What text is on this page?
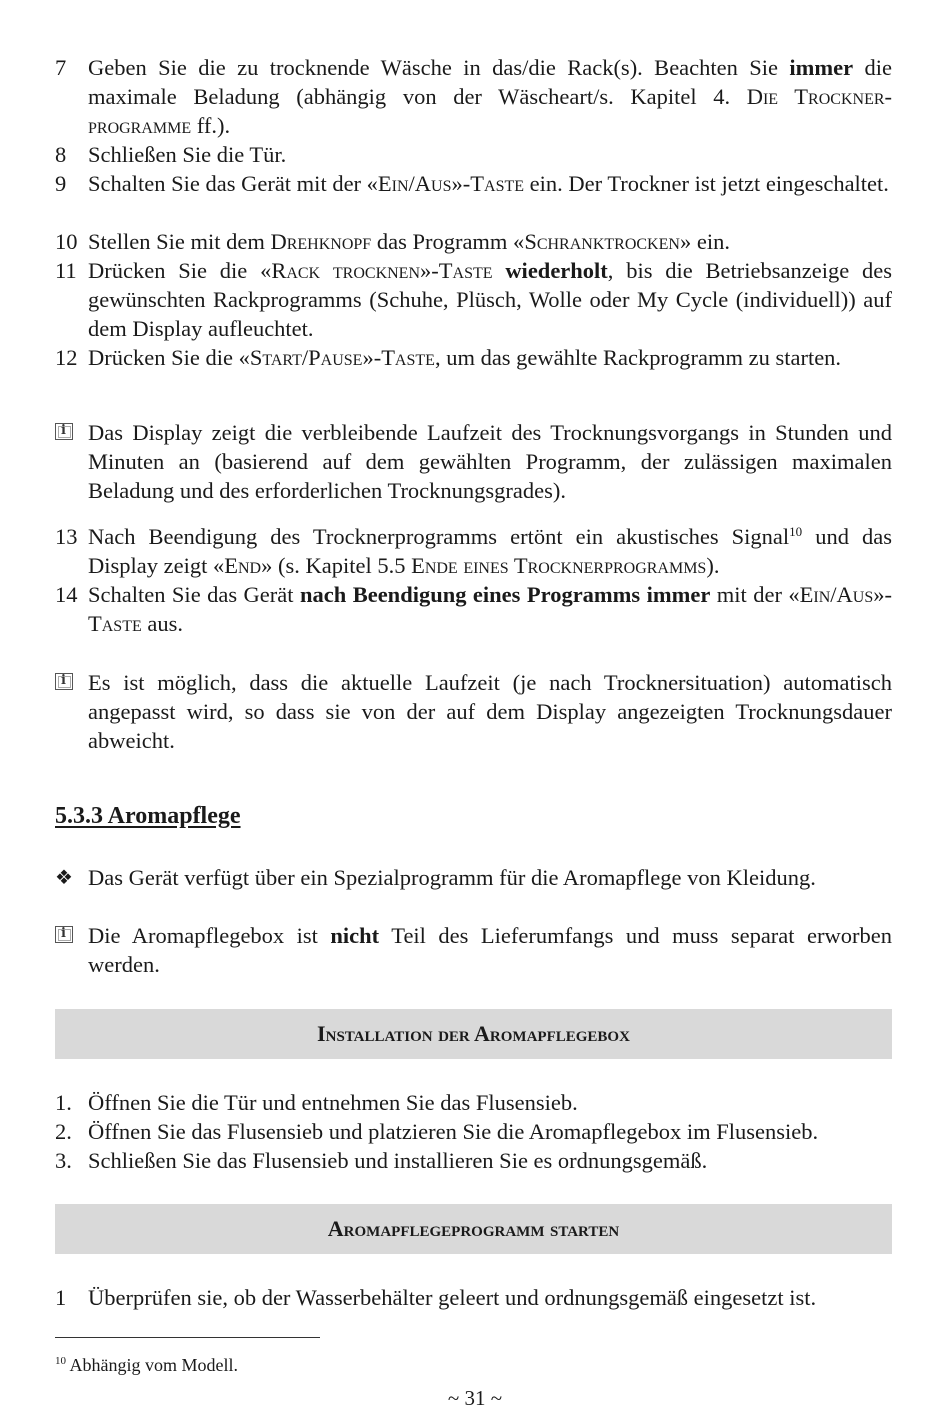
7 Geben Sie die zu trocknende Wäsche in das/die Rack(s). Beachten Sie immer die maximale Beladung (abhängig von der Wäscheart/s. Kapitel 4. Die Trockner-programme ff.).
8 Schließen Sie die Tür.
9 Schalten Sie das Gerät mit der «Ein/Aus»-Taste ein. Der Trockner ist jetzt eingeschaltet.
10 Stellen Sie mit dem Drehknopf das Programm «Schranktrocken» ein.
11 Drücken Sie die «Rack trocknen»-Taste wiederholt, bis die Betriebsanzeige des gewünschten Rackprogramms (Schuhe, Plüsch, Wolle oder My Cycle (individuell)) auf dem Display aufleuchtet.
12 Drücken Sie die «Start/Pause»-Taste, um das gewählte Rackprogramm zu starten.
i
Das Display zeigt die verbleibende Laufzeit des Trocknungsvorgangs in Stunden und Minuten an (basierend auf dem gewählten Programm, der zulässigen maximalen Beladung und des erforderlichen Trocknungsgrades).
13 Nach Beendigung des Trocknerprogramms ertönt ein akustisches Signal$^{10}$ und das Display zeigt «End» (s. Kapitel 5.5 Ende eines Trocknerprogramms).
14 Schalten Sie das Gerät nach Beendigung eines Programms immer mit der «Ein/Aus»-Taste aus.
i
Es ist möglich, dass die aktuelle Laufzeit (je nach Trocknersituation) automatisch angepasst wird, so dass sie von der auf dem Display angezeigten Trocknungsdauer abweicht.
5.3.3 Aromapflege
❖ Das Gerät verfügt über ein Spezialprogramm für die Aromapflege von Kleidung.
i
Die Aromapflegebox ist nicht Teil des Lieferumfangs und muss separat erworben werden.
Installation der Aromapflegebox
1. Öffnen Sie die Tür und entnehmen Sie das Flusensieb.
2. Öffnen Sie das Flusensieb und platzieren Sie die Aromapflegebox im Flusensieb.
3. Schließen Sie das Flusensieb und installieren Sie es ordnungsgemäß.
Aromapflegeprogramm starten
1 Überprüfen sie, ob der Wasserbehälter geleert und ordnungsgemäß eingesetzt ist.
$^{10}$ Abhängig vom Modell.
~ 31 ~
